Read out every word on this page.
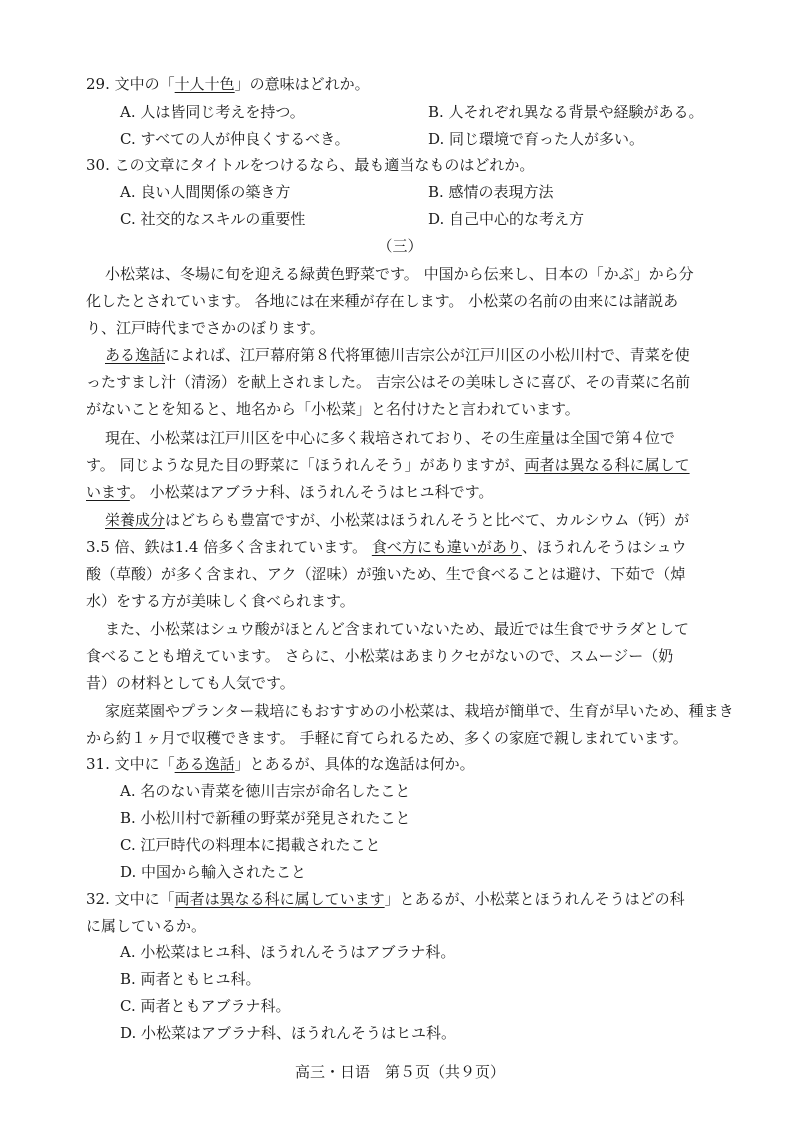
29. 文中の「十人十色」の意味はどれか。
A. 人は皆同じ考えを持つ。	B. 人それぞれ異なる背景や経験がある。
C. すべての人が仲良くするべき。	D. 同じ環境で育った人が多い。
30. この文章にタイトルをつけるなら、最も適当なものはどれか。
A. 良い人間関係の築き方	B. 感情の表現方法
C. 社交的なスキルの重要性	D. 自己中心的な考え方
（三）
小松菜は、冬場に旬を迎える緑黄色野菜です。 中国から伝来し、日本の「かぶ」から分
化したとされています。 各地には在来種が存在します。 小松菜の名前の由来には諸説あ
り、江戸時代までさかのぼります。
ある逸話によれば、江戸幕府第８代将軍徳川吉宗公が江戸川区の小松川村で、青菜を使
ったすまし汁（清汤）を献上されました。 吉宗公はその美味しさに喜び、その青菜に名前
がないことを知ると、地名から「小松菜」と名付けたと言われています。
現在、小松菜は江戸川区を中心に多く栽培されており、その生産量は全国で第４位で
す。 同じような見た目の野菜に「ほうれんそう」がありますが、両者は異なる科に属して
います。 小松菜はアブラナ科、ほうれんそうはヒユ科です。
栄養成分はどちらも豊富ですが、小松菜はほうれんそうと比べて、カルシウム（钙）が
3.5 倍、鉄は1.4 倍多く含まれています。 食べ方にも違いがあり、ほうれんそうはシュウ
酸（草酸）が多く含まれ、アク（涩味）が強いため、生で食べることは避け、下茹で（焯
水）をする方が美味しく食べられます。
また、小松菜はシュウ酸がほとんど含まれていないため、最近では生食でサラダとして
食べることも増えています。 さらに、小松菜はあまりクセがないので、スムージー（奶
昔）の材料としても人気です。
家庭菜園やプランター栽培にもおすすめの小松菜は、栽培が簡単で、生育が早いため、種まき
から約１ヶ月で収穫できます。 手軽に育てられるため、多くの家庭で親しまれています。
31. 文中に「ある逸話」とあるが、具体的な逸話は何か。
A. 名のない青菜を徳川吉宗が命名したこと
B. 小松川村で新種の野菜が発見されたこと
C. 江戸時代の料理本に掲載されたこと
D. 中国から輸入されたこと
32. 文中に「両者は異なる科に属しています」とあるが、小松菜とほうれんそうはどの科
に属しているか。
A. 小松菜はヒユ科、ほうれんそうはアブラナ科。
B. 両者ともヒユ科。
C. 両者ともアブラナ科。
D. 小松菜はアブラナ科、ほうれんそうはヒユ科。
高三・日语　第５页（共９页）
